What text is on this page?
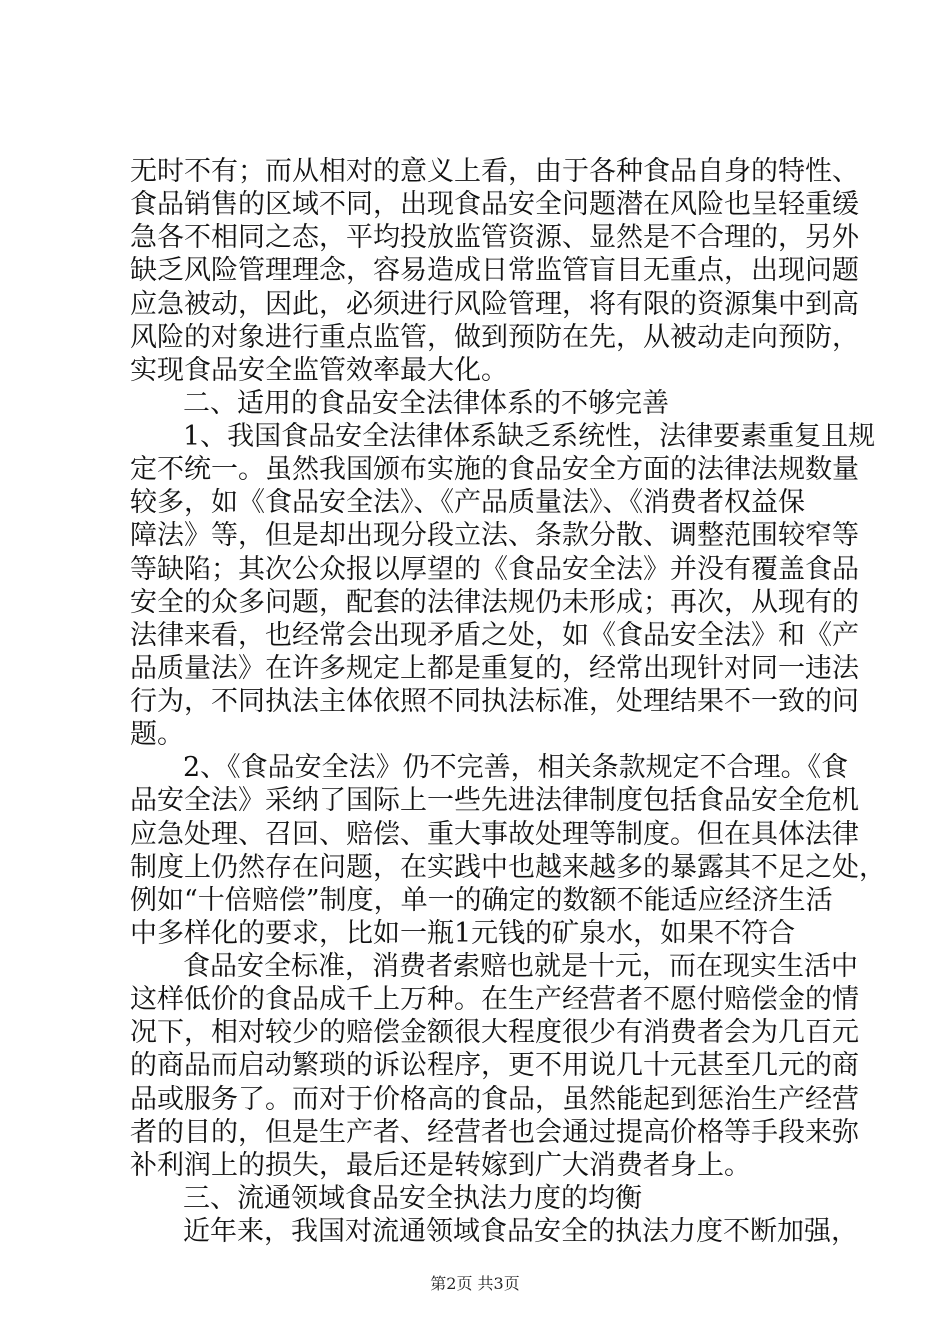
无时不有；而从相对的意义上看，由于各种食品自身的特性、
食品销售的区域不同，出现食品安全问题潜在风险也呈轻重缓
急各不相同之态，平均投放监管资源、显然是不合理的，另外
缺乏风险管理理念，容易造成日常监管盲目无重点，出现问题
应急被动，因此，必须进行风险管理，将有限的资源集中到高
风险的对象进行重点监管，做到预防在先，从被动走向预防，
实现食品安全监管效率最大化。
二、适用的食品安全法律体系的不够完善
1、我国食品安全法律体系缺乏系统性，法律要素重复且规
定不统一。虽然我国颁布实施的食品安全方面的法律法规数量
较多，如《食品安全法》、《产品质量法》、《消费者权益保
障法》等，但是却出现分段立法、条款分散、调整范围较窄等
等缺陷；其次公众报以厚望的《食品安全法》并没有覆盖食品
安全的众多问题，配套的法律法规仍未形成；再次，从现有的
法律来看，也经常会出现矛盾之处，如《食品安全法》和《产
品质量法》在许多规定上都是重复的，经常出现针对同一违法
行为，不同执法主体依照不同执法标准，处理结果不一致的问
题。
2、《食品安全法》仍不完善，相关条款规定不合理。《食
品安全法》采纳了国际上一些先进法律制度包括食品安全危机
应急处理、召回、赔偿、重大事故处理等制度。但在具体法律
制度上仍然存在问题，在实践中也越来越多的暴露其不足之处，
例如“十倍赔偿”制度，单一的确定的数额不能适应经济生活
中多样化的要求，比如一瓶1元钱的矿泉水，如果不符合
食品安全标准，消费者索赔也就是十元，而在现实生活中
这样低价的食品成千上万种。在生产经营者不愿付赔偿金的情
况下，相对较少的赔偿金额很大程度很少有消费者会为几百元
的商品而启动繁琐的诉讼程序，更不用说几十元甚至几元的商
品或服务了。而对于价格高的食品，虽然能起到惩治生产经营
者的目的，但是生产者、经营者也会通过提高价格等手段来弥
补利润上的损失，最后还是转嫁到广大消费者身上。
三、流通领域食品安全执法力度的均衡
近年来，我国对流通领域食品安全的执法力度不断加强，
第2页 共3页
